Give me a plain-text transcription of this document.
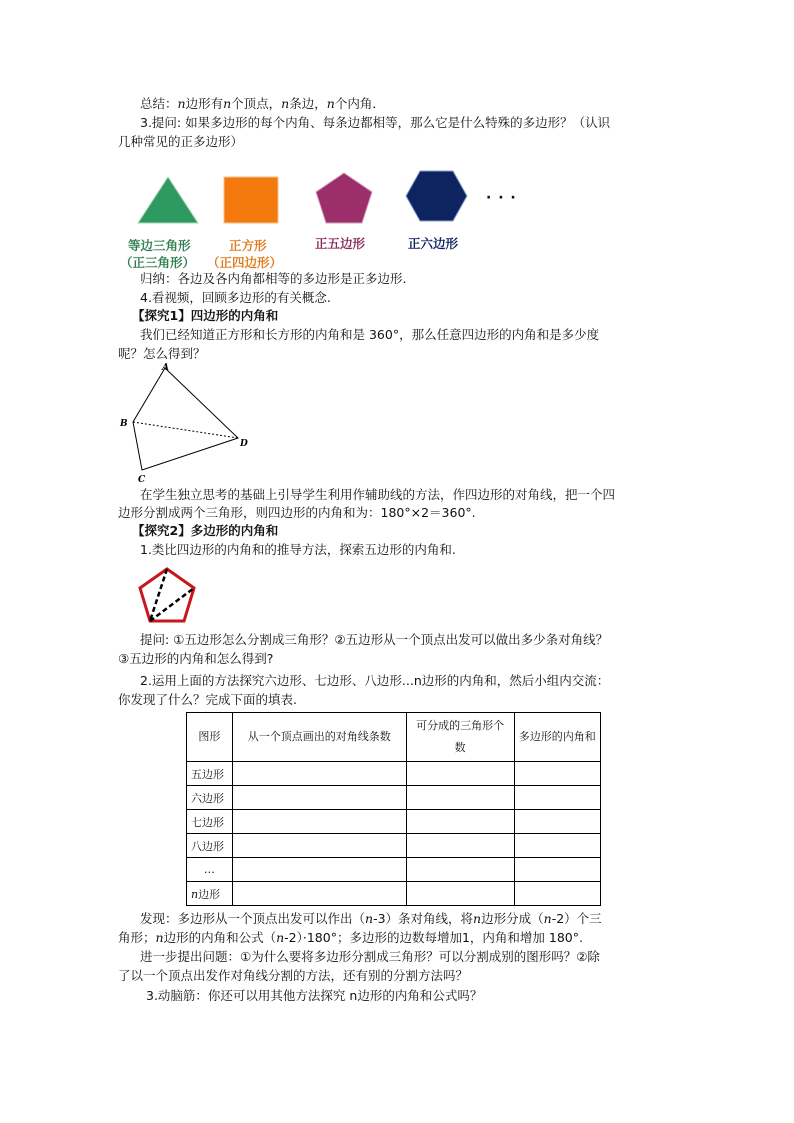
总结：n边形有n个顶点，n条边，n个内角．
3.提问: 如果多边形的每个内角、每条边都相等，那么它是什么特殊的多边形？（认识
几种常见的正多边形）
· · ·
等边三角形
（正三角形）
正方形
（正四边形）
正五边形	正六边形
归纳：各边及各内角都相等的多边形是正多边形.
4.看视频，回顾多边形的有关概念.
【探究1】四边形的内角和
我们已经知道正方形和长方形的内角和是 360°，那么任意四边形的内角和是多少度
呢？怎么得到？
A
B
C
D
在学生独立思考的基础上引导学生利用作辅助线的方法，作四边形的对角线，把一个四
边形分割成两个三角形，则四边形的内角和为：180°×2＝360°.
【探究2】多边形的内角和
1.类比四边形的内角和的推导方法，探索五边形的内角和.
提问: ①五边形怎么分割成三角形？②五边形从一个顶点出发可以做出多少条对角线？
③五边形的内角和怎么得到?
2.运用上面的方法探究六边形、七边形、八边形...n边形的内角和，然后小组内交流：
你发现了什么？完成下面的填表.
图形	从一个顶点画出的对角线条数	可分成的三角形个数	多边形的内角和
五边形			
六边形			
七边形			
八边形			
…			
n边形			
发现：多边形从一个顶点出发可以作出（n-3）条对角线，将n边形分成（n-2）个三
角形；n边形的内角和公式（n-2）·180°；多边形的边数每增加1，内角和增加 180°.
进一步提出问题：①为什么要将多边形分割成三角形？可以分割成别的图形吗？②除
了以一个顶点出发作对角线分割的方法，还有别的分割方法吗？
3.动脑筋：你还可以用其他方法探究 n边形的内角和公式吗？
